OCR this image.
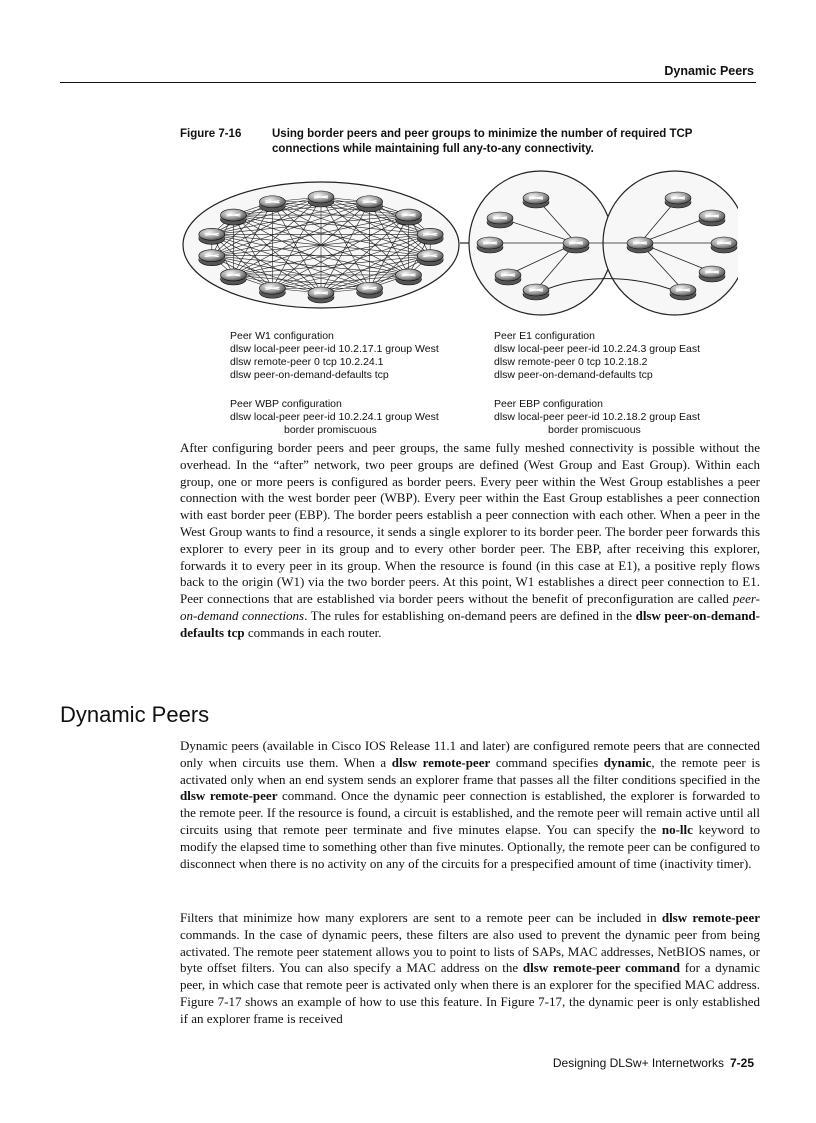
Dynamic Peers
Figure 7-16	Using border peers and peer groups to minimize the number of required TCP connections while maintaining full any-to-any connectivity.
Peer W1 configuration
dlsw local-peer peer-id 10.2.17.1 group West
dlsw remote-peer 0 tcp 10.2.24.1
dlsw peer-on-demand-defaults tcp
Peer E1 configuration
dlsw local-peer peer-id 10.2.24.3 group East
dlsw remote-peer 0 tcp 10.2.18.2
dlsw peer-on-demand-defaults tcp
Peer WBP configuration
dlsw local-peer peer-id 10.2.24.1 group West
border promiscuous
Peer EBP configuration
dlsw local-peer peer-id 10.2.18.2 group East
border promiscuous

After configuring border peers and peer groups, the same fully meshed connectivity is possible without the overhead. In the “after” network, two peer groups are defined (West Group and East Group). Within each group, one or more peers is configured as border peers. Every peer within the West Group establishes a peer connection with the west border peer (WBP). Every peer within the East Group establishes a peer connection with east border peer (EBP). The border peers establish a peer connection with each other. When a peer in the West Group wants to find a resource, it sends a single explorer to its border peer. The border peer forwards this explorer to every peer in its group and to every other border peer. The EBP, after receiving this explorer, forwards it to every peer in its group. When the resource is found (in this case at E1), a positive reply flows back to the origin (W1) via the two border peers. At this point, W1 establishes a direct peer connection to E1. Peer connections that are established via border peers without the benefit of preconfiguration are called peer-on-demand connections. The rules for establishing on-demand peers are defined in the dlsw peer-on-demand-defaults tcp commands in each router.

Dynamic Peers

Dynamic peers (available in Cisco IOS Release 11.1 and later) are configured remote peers that are connected only when circuits use them. When a dlsw remote-peer command specifies dynamic, the remote peer is activated only when an end system sends an explorer frame that passes all the filter conditions specified in the dlsw remote-peer command. Once the dynamic peer connection is established, the explorer is forwarded to the remote peer. If the resource is found, a circuit is established, and the remote peer will remain active until all circuits using that remote peer terminate and five minutes elapse. You can specify the no-llc keyword to modify the elapsed time to something other than five minutes. Optionally, the remote peer can be configured to disconnect when there is no activity on any of the circuits for a prespecified amount of time (inactivity timer).

Filters that minimize how many explorers are sent to a remote peer can be included in dlsw remote-peer commands. In the case of dynamic peers, these filters are also used to prevent the dynamic peer from being activated. The remote peer statement allows you to point to lists of SAPs, MAC addresses, NetBIOS names, or byte offset filters. You can also specify a MAC address on the dlsw remote-peer command for a dynamic peer, in which case that remote peer is activated only when there is an explorer for the specified MAC address. Figure 7-17 shows an example of how to use this feature. In Figure 7-17, the dynamic peer is only established if an explorer frame is received

Designing DLSw+ Internetworks 7-25
